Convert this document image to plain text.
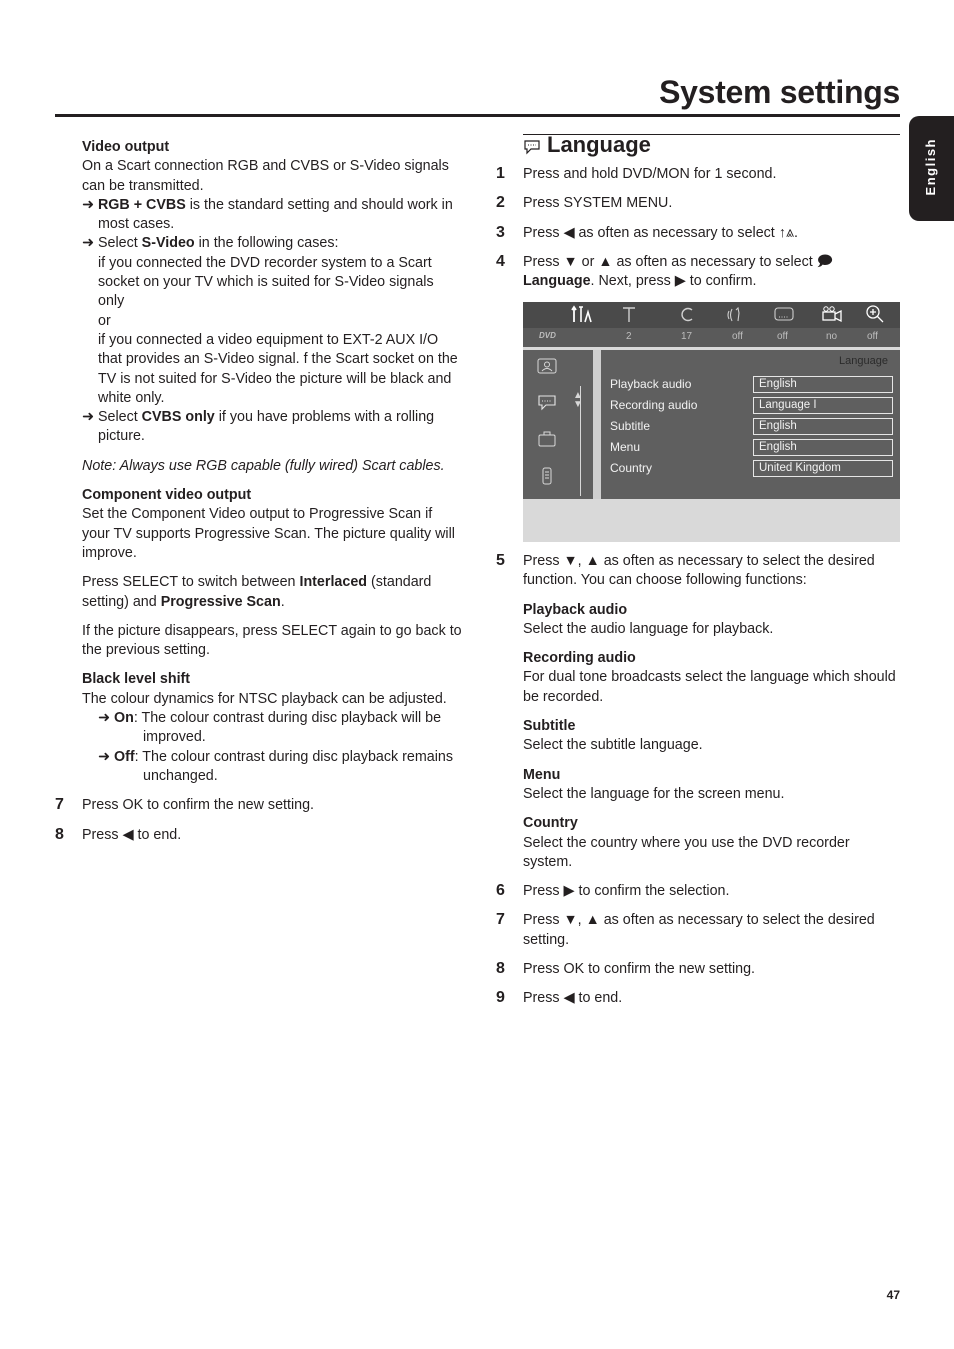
System settings
English

Video output

On a Scart connection RGB and CVBS or S-Video signals can be transmitted.

➜ RGB + CVBS is the standard setting and should work in most cases.

➜ Select S-Video in the following cases:

if you connected the DVD recorder system to a Scart socket on your TV which is suited for S-Video signals only

or

if you connected a video equipment to EXT-2 AUX I/O that provides an S-Video signal. f the Scart socket on the TV is not suited for S-Video the picture will be black and white only.

➜ Select CVBS only if you have problems with a rolling picture.

Note: Always use RGB capable (fully wired) Scart cables.

Component video output

Set the Component Video output to Progressive Scan if your TV supports Progressive Scan. The picture quality will improve.

Press SELECT to switch between Interlaced (standard setting) and Progressive Scan.

If the picture disappears, press SELECT again to go back to the previous setting.

Black level shift

The colour dynamics for NTSC playback can be adjusted.

➜ On: The colour contrast during disc playback will be improved.

➜ Off: The colour contrast during disc playback remains unchanged.

7 Press OK to confirm the new setting.

8 Press ◀ to end.

Language

1 Press and hold DVD/MON for 1 second.

2 Press SYSTEM MENU.

3 Press ◀ as often as necessary to select ↑⩓.

4 Press ▼ or ▲ as often as necessary to select 🗩 Language. Next, press ▶ to confirm.

DVD	2	17	off	off	no	off
▲
▼
Language
Playback audio	English
Recording audio	Language I
Subtitle	English
Menu	English
Country	United Kingdom

5 Press ▼, ▲ as often as necessary to select the desired function. You can choose following functions:

Playback audio

Select the audio language for playback.

Recording audio

For dual tone broadcasts select the language which should be recorded.

Subtitle

Select the subtitle language.

Menu

Select the language for the screen menu.

Country

Select the country where you use the DVD recorder system.

6 Press ▶ to confirm the selection.

7 Press ▼, ▲ as often as necessary to select the desired setting.

8 Press OK to confirm the new setting.

9 Press ◀ to end.

47
